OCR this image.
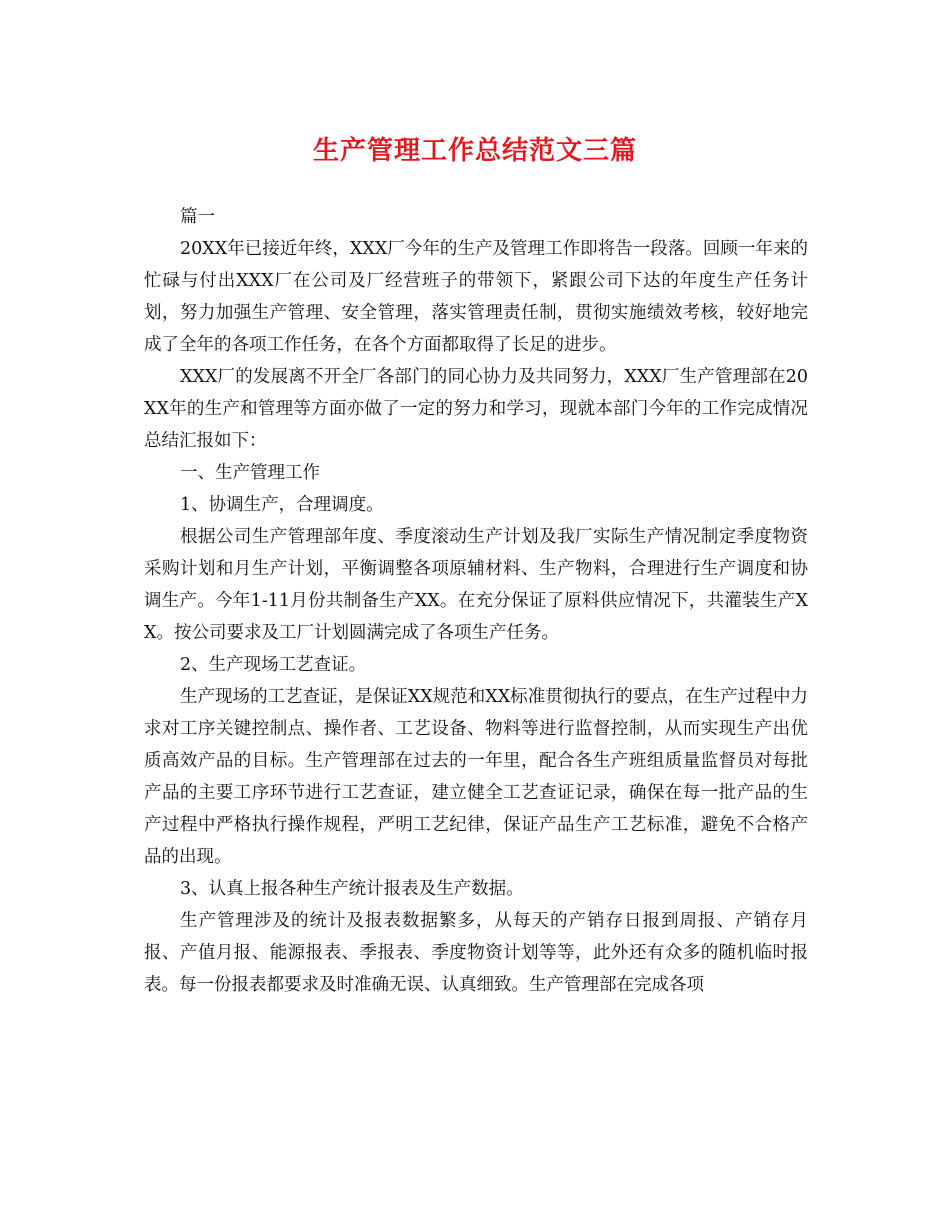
生产管理工作总结范文三篇

篇一

20XX年已接近年终，XXX厂今年的生产及管理工作即将告一段落。回顾一年来的忙碌与付出XXX厂在公司及厂经营班子的带领下，紧跟公司下达的年度生产任务计划，努力加强生产管理、安全管理，落实管理责任制，贯彻实施绩效考核，较好地完成了全年的各项工作任务，在各个方面都取得了长足的进步。

XXX厂的发展离不开全厂各部门的同心协力及共同努力，XXX厂生产管理部在20XX年的生产和管理等方面亦做了一定的努力和学习，现就本部门今年的工作完成情况总结汇报如下：

一、生产管理工作

1、协调生产，合理调度。

根据公司生产管理部年度、季度滚动生产计划及我厂实际生产情况制定季度物资采购计划和月生产计划，平衡调整各项原辅材料、生产物料，合理进行生产调度和协调生产。今年1-11月份共制备生产XX。在充分保证了原料供应情况下，共灌装生产XX。按公司要求及工厂计划圆满完成了各项生产任务。

2、生产现场工艺查证。

生产现场的工艺查证，是保证XX规范和XX标准贯彻执行的要点，在生产过程中力求对工序关键控制点、操作者、工艺设备、物料等进行监督控制，从而实现生产出优质高效产品的目标。生产管理部在过去的一年里，配合各生产班组质量监督员对每批产品的主要工序环节进行工艺查证，建立健全工艺查证记录，确保在每一批产品的生产过程中严格执行操作规程，严明工艺纪律，保证产品生产工艺标准，避免不合格产品的出现。

3、认真上报各种生产统计报表及生产数据。

生产管理涉及的统计及报表数据繁多，从每天的产销存日报到周报、产销存月报、产值月报、能源报表、季报表、季度物资计划等等，此外还有众多的随机临时报表。每一份报表都要求及时准确无误、认真细致。生产管理部在完成各项
